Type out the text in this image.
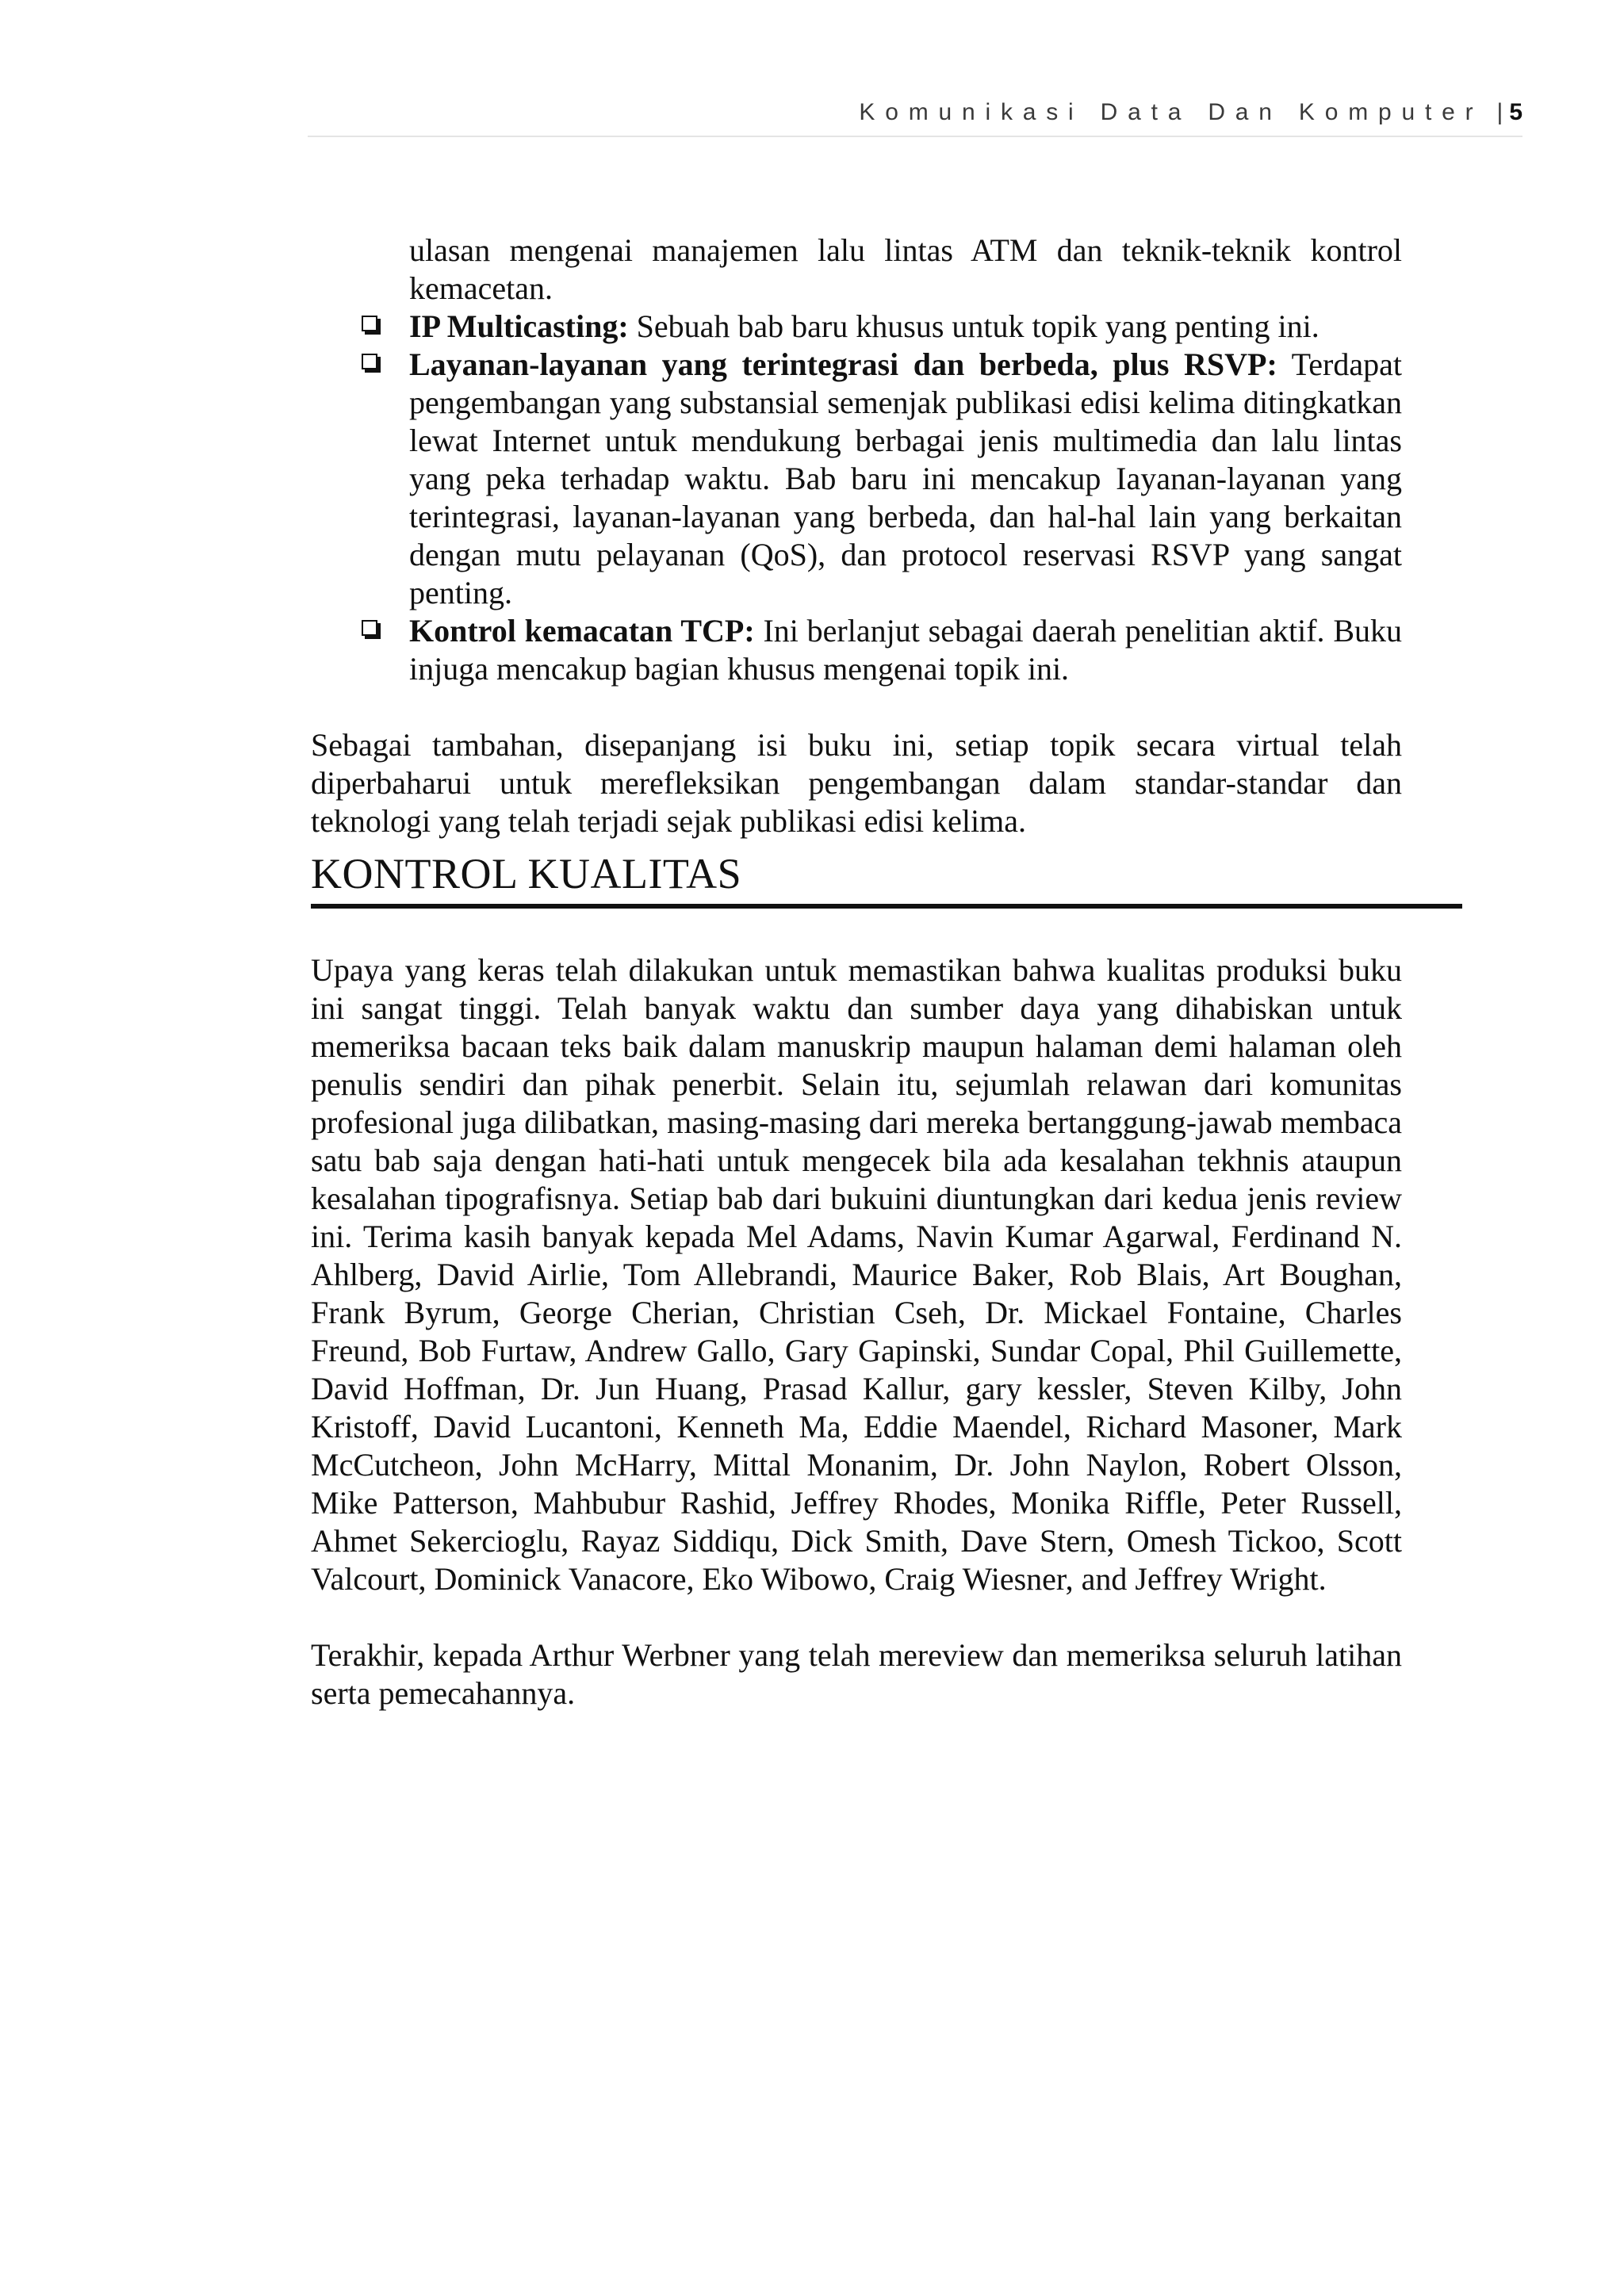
Komunikasi Data Dan Komputer | 5

ulasan mengenai manajemen lalu lintas ATM dan teknik-teknik kontrol kemacetan.

IP Multicasting: Sebuah bab baru khusus untuk topik yang penting ini.
Layanan-layanan yang terintegrasi dan berbeda, plus RSVP: Terdapat pengembangan yang substansial semenjak publikasi edisi kelima ditingkatkan lewat Internet untuk mendukung berbagai jenis multimedia dan lalu lintas yang peka terhadap waktu. Bab baru ini mencakup Iayanan-layanan yang terintegrasi, layanan-layanan yang berbeda, dan hal-hal lain yang berkaitan dengan mutu pelayanan (QoS), dan protocol reservasi RSVP yang sangat penting.
Kontrol kemacatan TCP: Ini berlanjut sebagai daerah penelitian aktif. Buku injuga mencakup bagian khusus mengenai topik ini.

Sebagai tambahan, disepanjang isi buku ini, setiap topik secara virtual telah diperbaharui untuk merefleksikan pengembangan dalam standar-standar dan teknologi yang telah terjadi sejak publikasi edisi kelima.

KONTROL KUALITAS

Upaya yang keras telah dilakukan untuk memastikan bahwa kualitas produksi buku ini sangat tinggi. Telah banyak waktu dan sumber daya yang dihabiskan untuk memeriksa bacaan teks baik dalam manuskrip maupun halaman demi halaman oleh penulis sendiri dan pihak penerbit. Selain itu, sejumlah relawan dari komunitas profesional juga dilibatkan, masing-masing dari mereka bertanggung-jawab membaca satu bab saja dengan hati-hati untuk mengecek bila ada kesalahan tekhnis ataupun kesalahan tipografisnya. Setiap bab dari bukuini diuntungkan dari kedua jenis review ini. Terima kasih banyak kepada Mel Adams, Navin Kumar Agarwal, Ferdinand N. Ahlberg, David Airlie, Tom Allebrandi, Maurice Baker, Rob Blais, Art Boughan, Frank Byrum, George Cherian, Christian Cseh, Dr. Mickael Fontaine, Charles Freund, Bob Furtaw, Andrew Gallo, Gary Gapinski, Sundar Copal, Phil Guillemette, David Hoffman, Dr. Jun Huang, Prasad Kallur, gary kessler, Steven Kilby, John Kristoff, David Lucantoni, Kenneth Ma, Eddie Maendel, Richard Masoner, Mark McCutcheon, John McHarry, Mittal Monanim, Dr. John Naylon, Robert Olsson, Mike Patterson, Mahbubur Rashid, Jeffrey Rhodes, Monika Riffle, Peter Russell, Ahmet Sekercioglu, Rayaz Siddiqu, Dick Smith, Dave Stern, Omesh Tickoo, Scott Valcourt, Dominick Vanacore, Eko Wibowo, Craig Wiesner, and Jeffrey Wright.

Terakhir, kepada Arthur Werbner yang telah mereview dan memeriksa seluruh latihan serta pemecahannya.
